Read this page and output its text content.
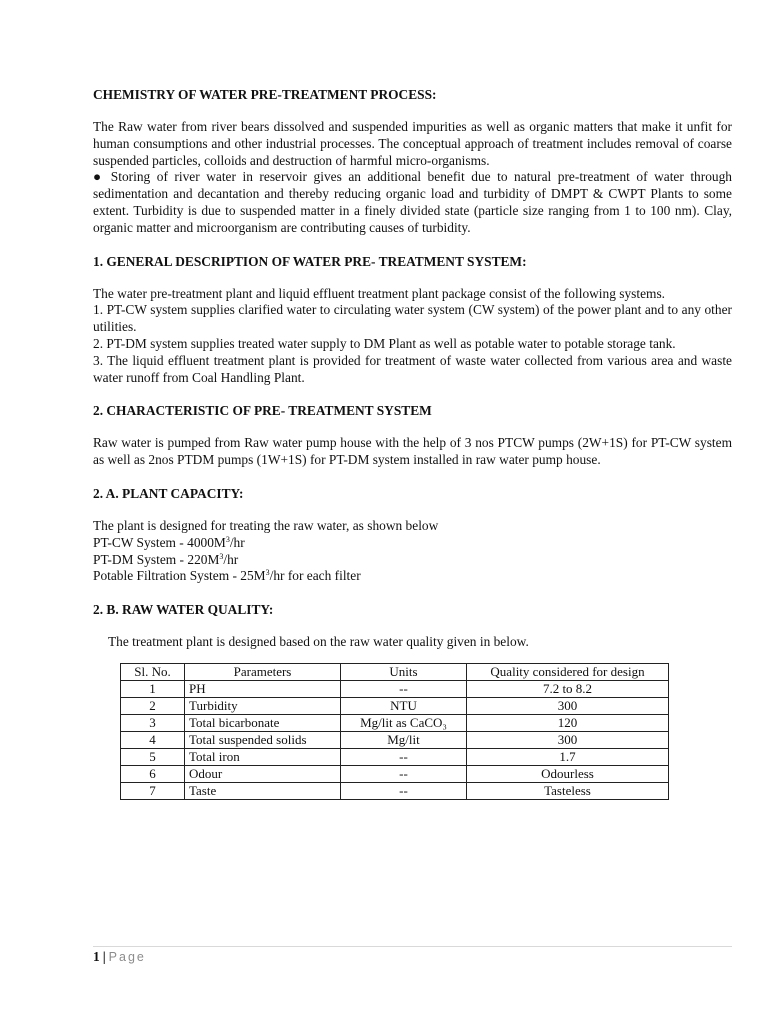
CHEMISTRY OF WATER PRE-TREATMENT PROCESS:

The Raw water from river bears dissolved and suspended impurities as well as organic matters that make it unfit for human consumptions and other industrial processes. The conceptual approach of treatment includes removal of coarse suspended particles, colloids and destruction of harmful micro-organisms.

● Storing of river water in reservoir gives an additional benefit due to natural pre-treatment of water through sedimentation and decantation and thereby reducing organic load and turbidity of DMPT & CWPT Plants to some extent. Turbidity is due to suspended matter in a finely divided state (particle size ranging from 1 to 100 nm). Clay, organic matter and microorganism are contributing causes of turbidity.

1. GENERAL DESCRIPTION OF WATER PRE- TREATMENT SYSTEM:

The water pre-treatment plant and liquid effluent treatment plant package consist of the following systems.

1. PT-CW system supplies clarified water to circulating water system (CW system) of the power plant and to any other utilities.

2. PT-DM system supplies treated water supply to DM Plant as well as potable water to potable storage tank.

3. The liquid effluent treatment plant is provided for treatment of waste water collected from various area and waste water runoff from Coal Handling Plant.

2. CHARACTERISTIC OF PRE- TREATMENT SYSTEM

Raw water is pumped from Raw water pump house with the help of 3 nos PTCW pumps (2W+1S) for PT-CW system as well as 2nos PTDM pumps (1W+1S) for PT-DM system installed in raw water pump house.

2. A. PLANT CAPACITY:

The plant is designed for treating the raw water, as shown below

PT-CW System - $4000M^3/hr$

PT-DM System - $220M^3/hr$

Potable Filtration System - $25M^3/hr$ for each filter

2. B. RAW WATER QUALITY:

The treatment plant is designed based on the raw water quality given in below.

Sl. No.	Parameters	Units	Quality considered for design
1	PH	--	7.2 to 8.2
2	Turbidity	NTU	300
3	Total bicarbonate	Mg/lit as CaCO₃	120
4	Total suspended solids	Mg/lit	300
5	Total iron	--	1.7
6	Odour	--	Odourless
7	Taste	--	Tasteless
1 | Page
